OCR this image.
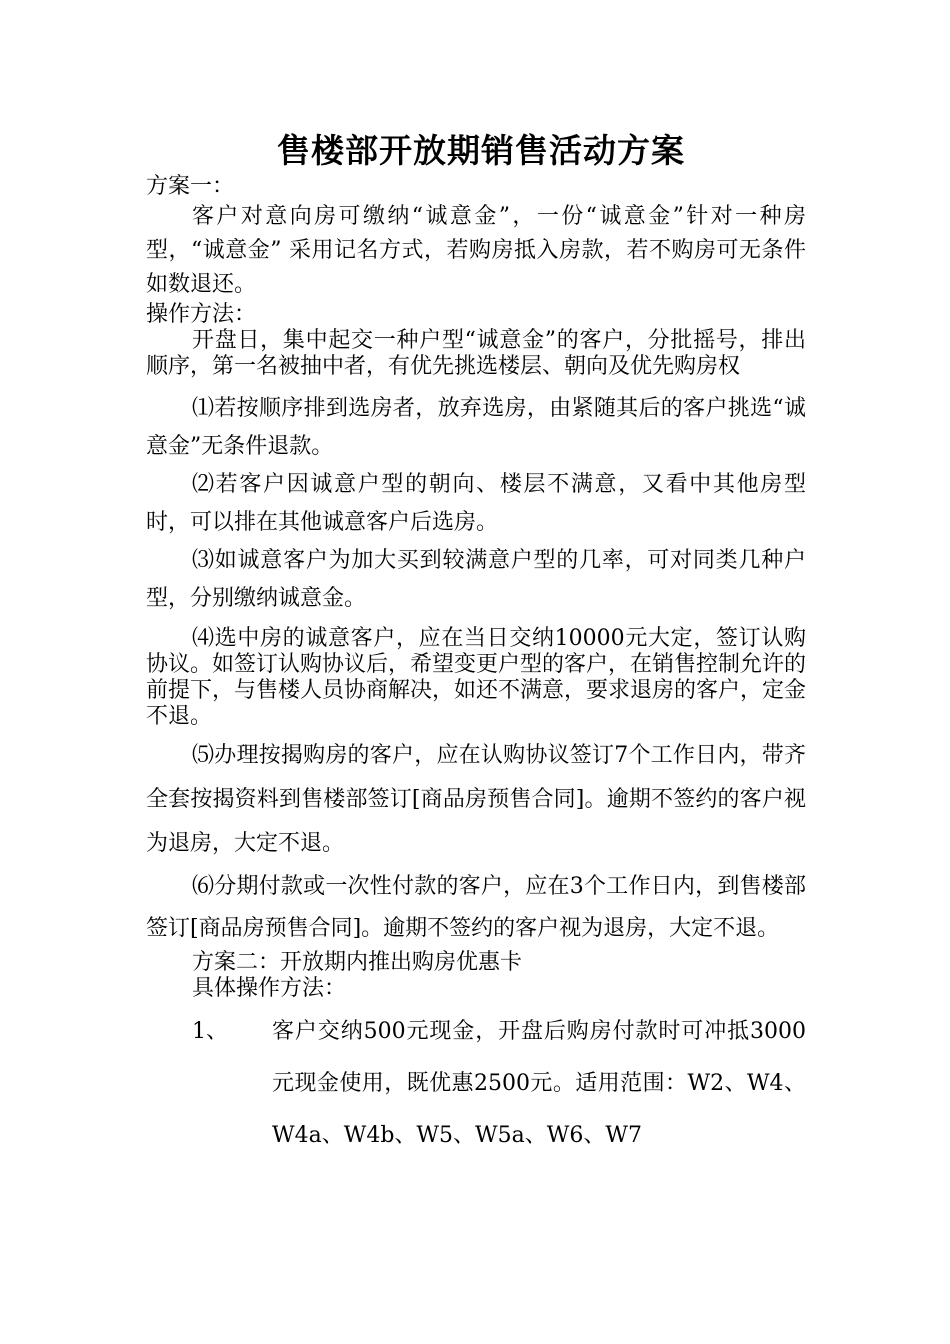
售楼部开放期销售活动方案

方案一：

客户对意向房可缴纳“诚意金”，一份“诚意金”针对一种房型，“诚意金” 采用记名方式，若购房抵入房款，若不购房可无条件如数退还。

操作方法：

开盘日，集中起交一种户型“诚意金”的客户，分批摇号，排出顺序，第一名被抽中者，有优先挑选楼层、朝向及优先购房权

⑴若按顺序排到选房者，放弃选房，由紧随其后的客户挑选“诚意金”无条件退款。

⑵若客户因诚意户型的朝向、楼层不满意，又看中其他房型时，可以排在其他诚意客户后选房。

⑶如诚意客户为加大买到较满意户型的几率，可对同类几种户型，分别缴纳诚意金。

⑷选中房的诚意客户，应在当日交纳10000元大定，签订认购协议。如签订认购协议后，希望变更户型的客户，在销售控制允许的前提下，与售楼人员协商解决，如还不满意，要求退房的客户，定金不退。

⑸办理按揭购房的客户，应在认购协议签订7个工作日内，带齐全套按揭资料到售楼部签订[商品房预售合同]。逾期不签约的客户视为退房，大定不退。

⑹分期付款或一次性付款的客户，应在3个工作日内，到售楼部签订[商品房预售合同]。逾期不签约的客户视为退房，大定不退。

方案二：开放期内推出购房优惠卡

具体操作方法：

1、	客户交纳500元现金，开盘后购房付款时可冲抵3000元现金使用，既优惠2500元。适用范围：W2、W4、W4a、W4b、W5、W5a、W6、W7
